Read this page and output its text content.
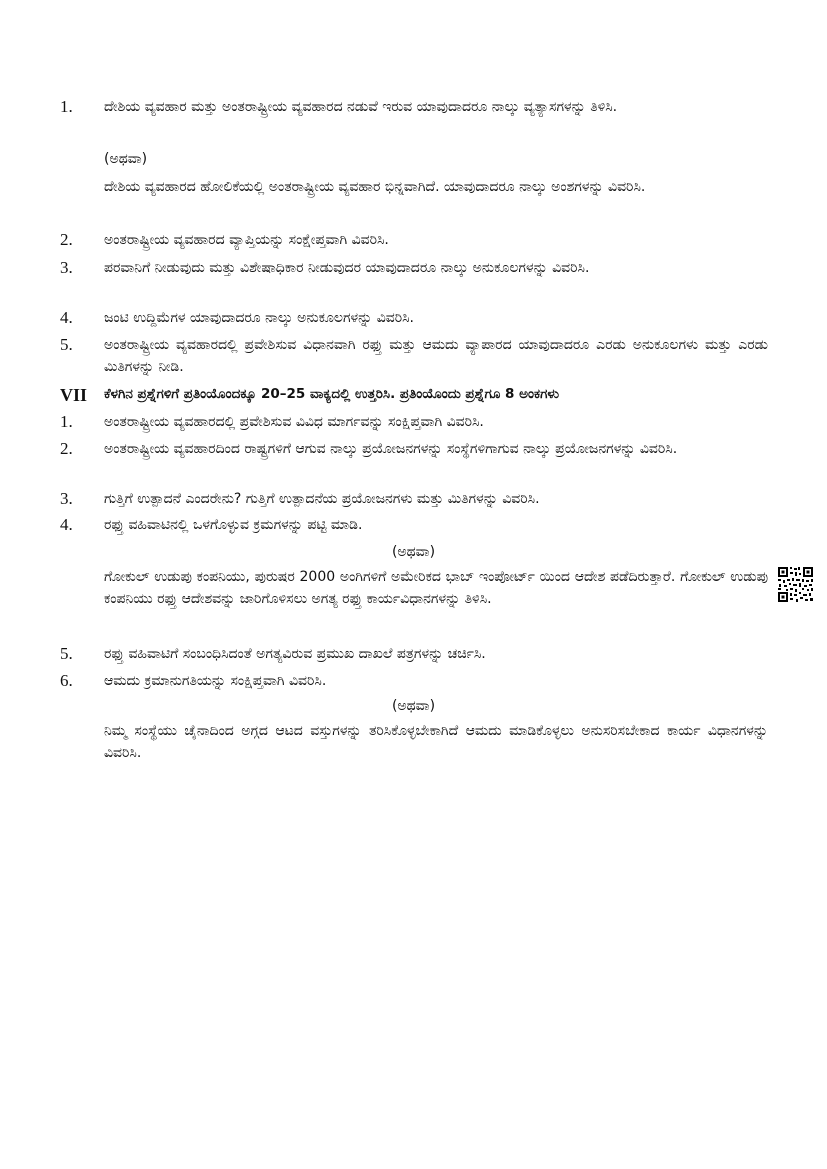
1. ದೇಶಿಯ ವ್ಯವಹಾರ ಮತ್ತು ಅಂತರಾಷ್ಟ್ರೀಯ ವ್ಯವಹಾರದ ನಡುವೆ ಇರುವ ಯಾವುದಾದರೂ ನಾಲ್ಕು ವ್ಯತ್ಯಾಸಗಳನ್ನು ತಿಳಿಸಿ.
(ಅಥವಾ)
ದೇಶಿಯ ವ್ಯವಹಾರದ ಹೋಲಿಕೆಯಲ್ಲಿ ಅಂತರಾಷ್ಟ್ರೀಯ ವ್ಯವಹಾರ ಭಿನ್ನವಾಗಿದೆ. ಯಾವುದಾದರೂ ನಾಲ್ಕು ಅಂಶಗಳನ್ನು ವಿವರಿಸಿ.
2. ಅಂತರಾಷ್ಟ್ರೀಯ ವ್ಯವಹಾರದ ವ್ಯಾಪ್ತಿಯನ್ನು ಸಂಕ್ಷೇಪ್ತವಾಗಿ ವಿವರಿಸಿ.
3. ಪರವಾನಿಗೆ ನೀಡುವುದು ಮತ್ತು ವಿಶೇಷಾಧಿಕಾರ ನೀಡುವುದರ ಯಾವುದಾದರೂ ನಾಲ್ಕು ಅನುಕೂಲಗಳನ್ನು ವಿವರಿಸಿ.
4. ಜಂಟಿ ಉದ್ದಿಮೆಗಳ ಯಾವುದಾದರೂ ನಾಲ್ಕು ಅನುಕೂಲಗಳನ್ನು ವಿವರಿಸಿ.
5. ಅಂತರಾಷ್ಟ್ರೀಯ ವ್ಯವಹಾರದಲ್ಲಿ ಪ್ರವೇಶಿಸುವ ವಿಧಾನವಾಗಿ ರಫ್ತು ಮತ್ತು ಆಮದು ವ್ಯಾಪಾರದ ಯಾವುದಾದರೂ ಎರಡು ಅನುಕೂಲಗಳು ಮತ್ತು ಎರಡು ಮಿತಿಗಳನ್ನು ನೀಡಿ.
VII ಕೆಳಗಿನ ಪ್ರಶ್ನೆಗಳಿಗೆ ಪ್ರತಿಂಯೊಂದಕ್ಕೂ 20–25 ವಾಕ್ಯದಲ್ಲಿ ಉತ್ತರಿಸಿ. ಪ್ರತಿಂಯೊಂದು ಪ್ರಶ್ನೆಗೂ 8 ಅಂಕಗಳು
1. ಅಂತರಾಷ್ಟ್ರೀಯ ವ್ಯವಹಾರದಲ್ಲಿ ಪ್ರವೇಶಿಸುವ ವಿವಿಧ ಮಾರ್ಗವನ್ನು ಸಂಕ್ಷಿಪ್ತವಾಗಿ ವಿವರಿಸಿ.
2. ಅಂತರಾಷ್ಟ್ರೀಯ ವ್ಯವಹಾರದಿಂದ ರಾಷ್ಟ್ರಗಳಿಗೆ ಆಗುವ ನಾಲ್ಕು ಪ್ರಯೋಜನಗಳನ್ನು ಸಂಸ್ಥೆಗಳಿಗಾಗುವ ನಾಲ್ಕು ಪ್ರಯೋಜನಗಳನ್ನು ವಿವರಿಸಿ.
3. ಗುತ್ತಿಗೆ ಉತ್ಪಾದನೆ ಎಂದರೇನು? ಗುತ್ತಿಗೆ ಉತ್ಪಾದನೆಯ ಪ್ರಯೋಜನಗಳು ಮತ್ತು ಮಿತಿಗಳನ್ನು ವಿವರಿಸಿ.
4. ರಫ್ತು ವಹಿವಾಟಿನಲ್ಲಿ ಒಳಗೊಳ್ಳುವ ಕ್ರಮಗಳನ್ನು ಪಟ್ಟಿ ಮಾಡಿ.
(ಅಥವಾ)
ಗೋಕುಲ್ ಉಡುಪು ಕಂಪನಿಯು, ಪುರುಷರ 2000 ಅಂಗಿಗಳಿಗೆ ಅಮೇರಿಕದ ಭಾಬ್ ಇಂಪೋರ್ಟ್ ಯಿಂದ ಆದೇಶ ಪಡೆದಿರುತ್ತಾರೆ. ಗೋಕುಲ್ ಉಡುಪು ಕಂಪನಿಯು ರಫ್ತು ಆದೇಶವನ್ನು ಜಾರಿಗೊಳಿಸಲು ಅಗತ್ಯ ರಫ್ತು ಕಾರ್ಯವಿಧಾನಗಳನ್ನು ತಿಳಿಸಿ.
5. ರಫ್ತು ವಹಿವಾಟಿಗೆ ಸಂಬಂಧಿಸಿದಂತೆ ಅಗತ್ಯವಿರುವ ಪ್ರಮುಖ ದಾಖಲೆ ಪತ್ರಗಳನ್ನು ಚರ್ಚಿಸಿ.
6. ಆಮದು ಕ್ರಮಾನುಗತಿಯನ್ನು ಸಂಕ್ಷಿಪ್ತವಾಗಿ ವಿವರಿಸಿ.
(ಅಥವಾ)
ನಿಮ್ಮ ಸಂಸ್ಥೆಯು ಚೈನಾದಿಂದ ಅಗ್ಗದ ಆಟದ ವಸ್ತುಗಳನ್ನು ತರಿಸಿಕೊಳ್ಳಬೇಕಾಗಿದೆ ಆಮದು ಮಾಡಿಕೊಳ್ಳಲು ಅನುಸರಿಸಬೇಕಾದ ಕಾರ್ಯ ವಿಧಾನಗಳನ್ನು ವಿವರಿಸಿ.
